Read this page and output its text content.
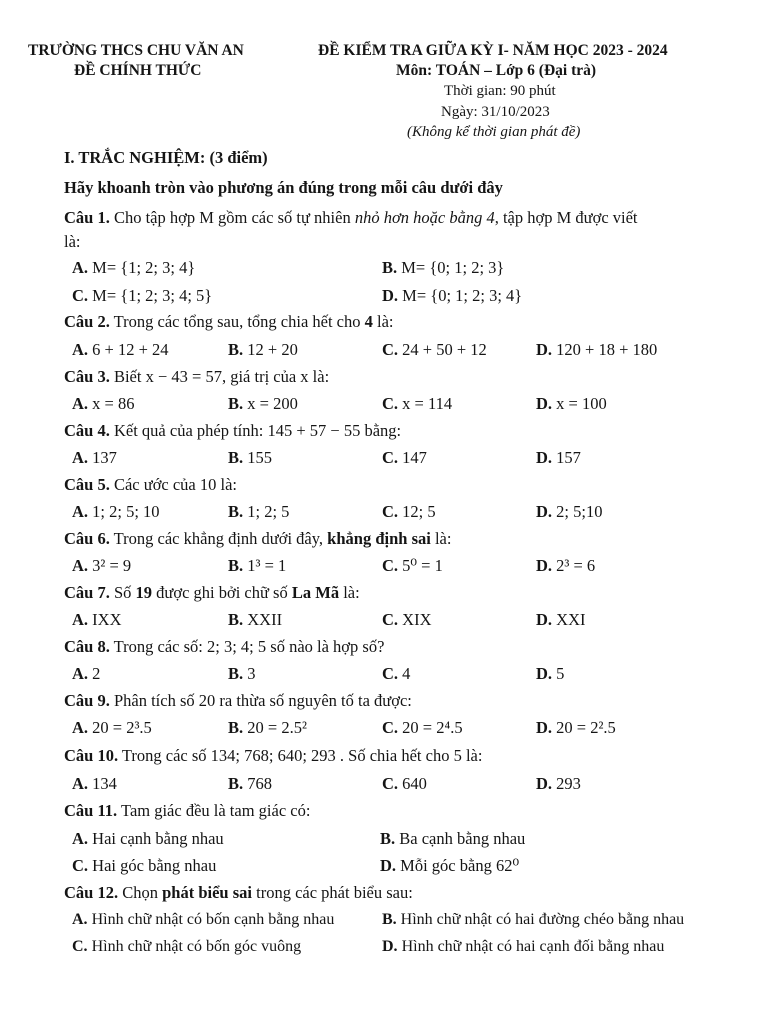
TRƯỜNG THCS CHU VĂN AN
ĐỀ CHÍNH THỨC
ĐỀ KIỂM TRA GIỮA KỲ I- NĂM HỌC 2023 - 2024
Môn: TOÁN – Lớp 6 (Đại trà)
Thời gian: 90 phút
Ngày: 31/10/2023
(Không kể thời gian phát đề)
I. TRẮC NGHIỆM: (3 điểm)
Hãy khoanh tròn vào phương án đúng trong mỗi câu dưới đây
Câu 1. Cho tập hợp M gồm các số tự nhiên nhỏ hơn hoặc bằng 4, tập hợp M được viết
là:
A. M= {1; 2; 3; 4}	B. M= {0; 1; 2; 3}
C. M= {1; 2; 3; 4; 5}	D. M= {0; 1; 2; 3; 4}
Câu 2. Trong các tổng sau, tổng chia hết cho 4 là:
A. 6 + 12 + 24	B. 12 + 20	C. 24 + 50 + 12	D. 120 + 18 + 180
Câu 3. Biết x − 43 = 57, giá trị của x là:
A. x = 86	B. x = 200	C. x = 114	D. x = 100
Câu 4. Kết quả của phép tính: 145 + 57 − 55 bằng:
A. 137	B. 155	C. 147	D. 157
Câu 5. Các ước của 10 là:
A. 1; 2; 5; 10	B. 1; 2; 5	C. 12; 5	D. 2; 5;10
Câu 6. Trong các khẳng định dưới đây, khẳng định sai là:
A. 3² = 9	B. 1³ = 1	C. 5⁰ = 1	D. 2³ = 6
Câu 7. Số 19 được ghi bởi chữ số La Mã là:
A. IXX	B. XXII	C. XIX	D. XXI
Câu 8. Trong các số: 2; 3; 4; 5 số nào là hợp số?
A. 2	B. 3	C. 4	D. 5
Câu 9. Phân tích số 20 ra thừa số nguyên tố ta được:
A. 20 = 2³.5	B. 20 = 2.5²	C. 20 = 2⁴.5	D. 20 = 2².5
Câu 10. Trong các số 134; 768; 640; 293 . Số chia hết cho 5 là:
A. 134	B. 768	C. 640	D. 293
Câu 11. Tam giác đều là tam giác có:
A. Hai cạnh bằng nhau	B. Ba cạnh bằng nhau
C. Hai góc bằng nhau	D. Mỗi góc bằng 62⁰
Câu 12. Chọn phát biểu sai trong các phát biểu sau:
A. Hình chữ nhật có bốn cạnh bằng nhau	B. Hình chữ nhật có hai đường chéo bằng nhau
C. Hình chữ nhật có bốn góc vuông	D. Hình chữ nhật có hai cạnh đối bằng nhau
